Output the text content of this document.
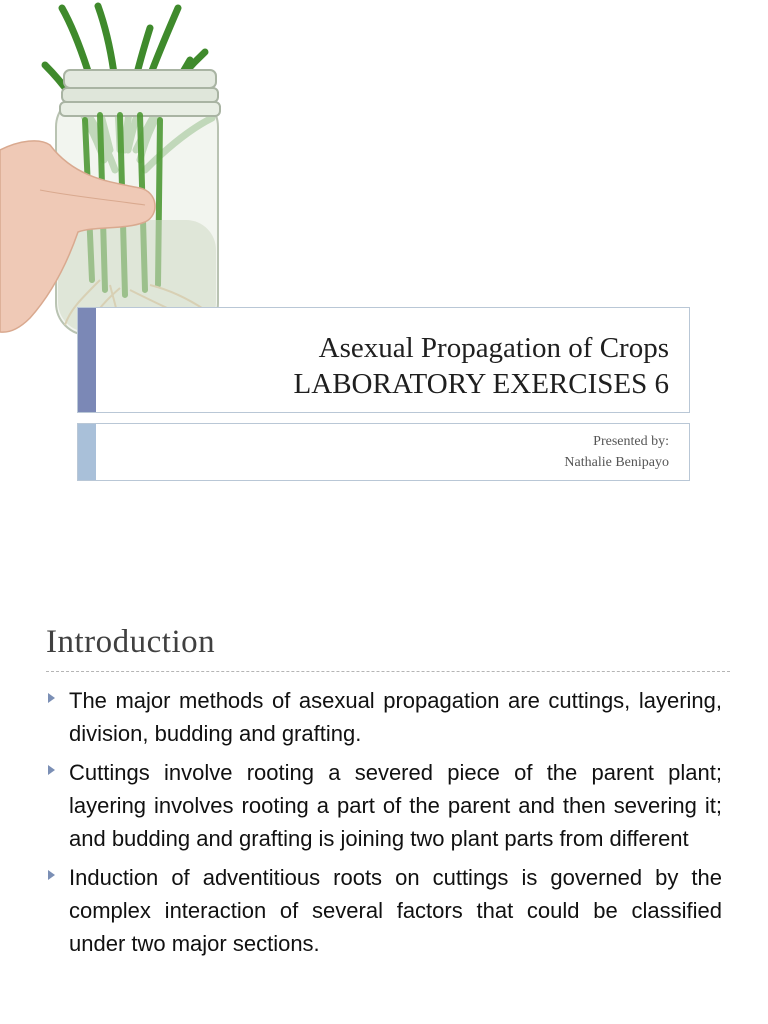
Asexual Propagation of Crops
LABORATORY EXERCISES 6
Presented by:
Nathalie Benipayo
Introduction
The major methods of asexual propagation are cuttings, layering, division, budding and grafting.
Cuttings involve rooting a severed piece of the parent plant; layering involves rooting a part of the parent and then severing it; and budding and grafting is joining two plant parts from different
Induction of adventitious roots on cuttings is governed by the complex interaction of several factors that could be classified under two major sections.
